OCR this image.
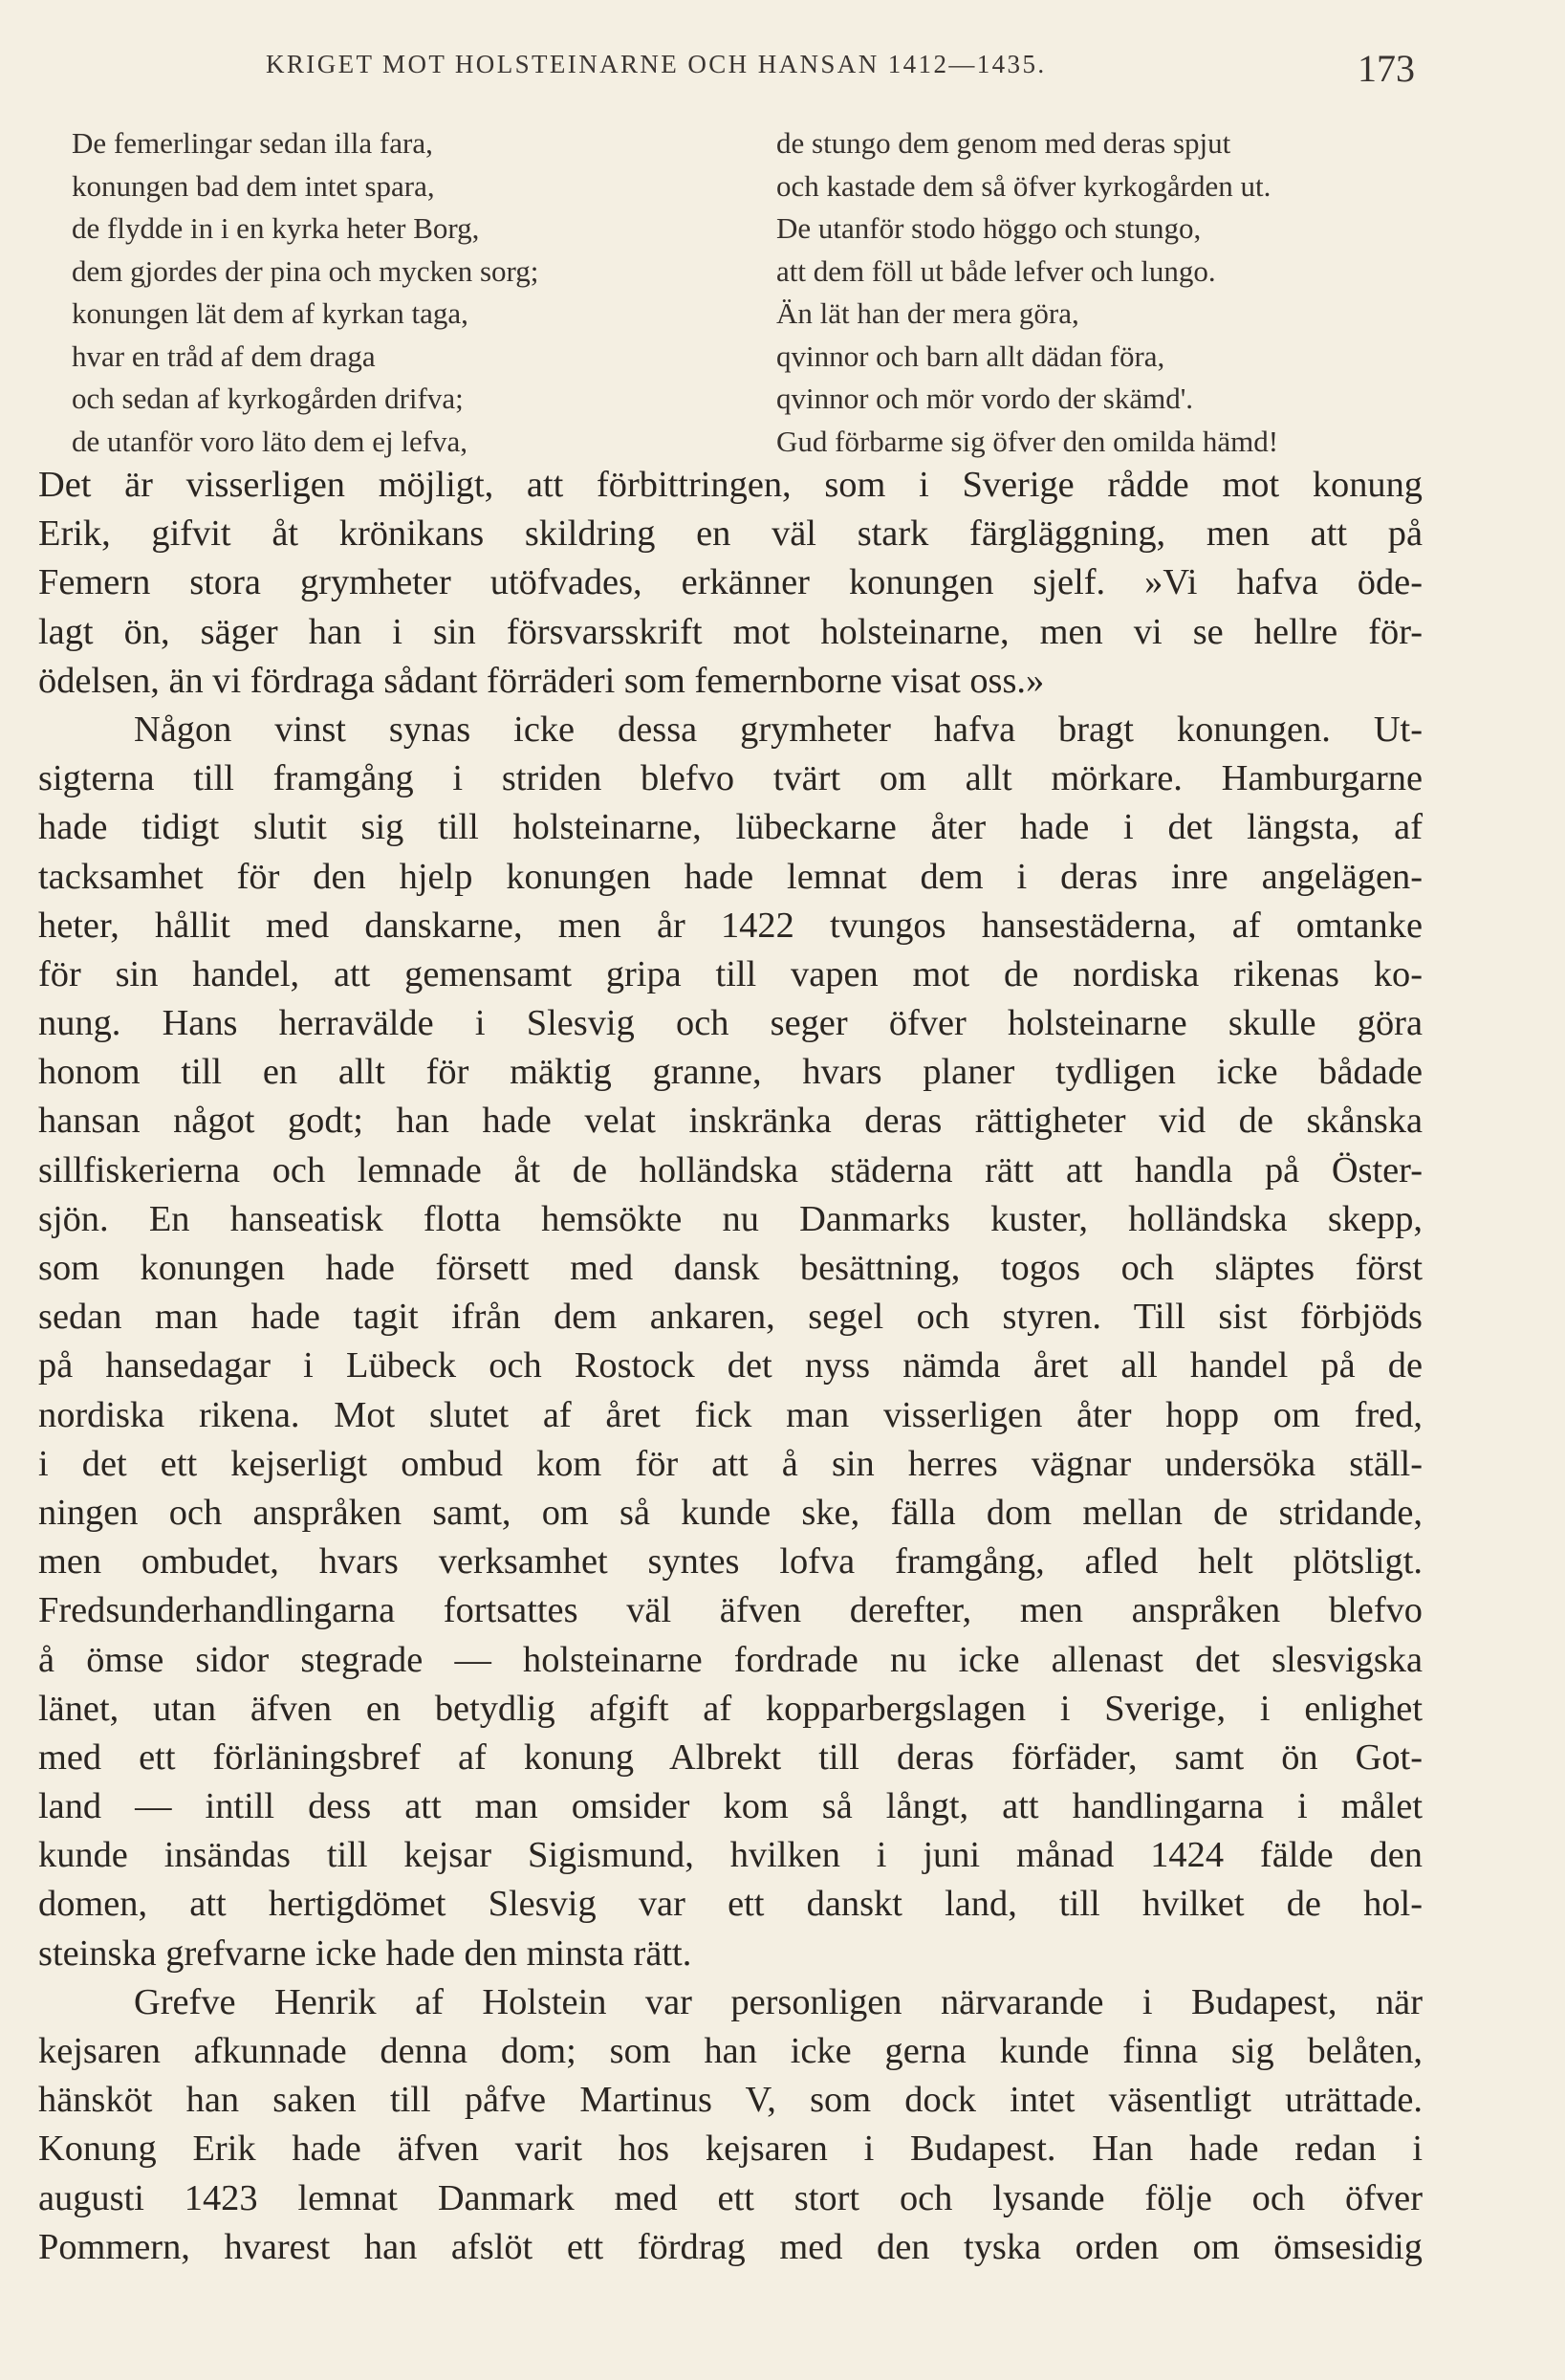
KRIGET MOT HOLSTEINARNE OCH HANSAN 1412—1435.	173
De femerlingar sedan illa fara,
konungen bad dem intet spara,
de flydde in i en kyrka heter Borg,
dem gjordes der pina och mycken sorg;
konungen lät dem af kyrkan taga,
hvar en tråd af dem draga
och sedan af kyrkogården drifva;
de utanför voro läto dem ej lefva,
de stungo dem genom med deras spjut
och kastade dem så öfver kyrkogården ut.
De utanför stodo höggo och stungo,
att dem föll ut både lefver och lungo.
Än lät han der mera göra,
qvinnor och barn allt dädan föra,
qvinnor och mör vordo der skämd'.
Gud förbarme sig öfver den omilda hämd!
Det är visserligen möjligt, att förbittringen, som i Sverige rådde mot konung
Erik, gifvit åt krönikans skildring en väl stark färgläggning, men att på
Femern stora grymheter utöfvades, erkänner konungen sjelf. »Vi hafva öde-
lagt ön, säger han i sin försvarsskrift mot holsteinarne, men vi se hellre för-
ödelsen, än vi fördraga sådant förräderi som femernborne visat oss.»
Någon vinst synas icke dessa grymheter hafva bragt konungen. Ut-
sigterna till framgång i striden blefvo tvärt om allt mörkare. Hamburgarne
hade tidigt slutit sig till holsteinarne, lübeckarne åter hade i det längsta, af
tacksamhet för den hjelp konungen hade lemnat dem i deras inre angelägen-
heter, hållit med danskarne, men år 1422 tvungos hansestäderna, af omtanke
för sin handel, att gemensamt gripa till vapen mot de nordiska rikenas ko-
nung. Hans herravälde i Slesvig och seger öfver holsteinarne skulle göra
honom till en allt för mäktig granne, hvars planer tydligen icke bådade
hansan något godt; han hade velat inskränka deras rättigheter vid de skånska
sillfiskerierna och lemnade åt de holländska städerna rätt att handla på Öster-
sjön. En hanseatisk flotta hemsökte nu Danmarks kuster, holländska skepp,
som konungen hade försett med dansk besättning, togos och släptes först
sedan man hade tagit ifrån dem ankaren, segel och styren. Till sist förbjöds
på hansedagar i Lübeck och Rostock det nyss nämda året all handel på de
nordiska rikena. Mot slutet af året fick man visserligen åter hopp om fred,
i det ett kejserligt ombud kom för att å sin herres vägnar undersöka ställ-
ningen och anspråken samt, om så kunde ske, fälla dom mellan de stridande,
men ombudet, hvars verksamhet syntes lofva framgång, afled helt plötsligt.
Fredsunderhandlingarna fortsattes väl äfven derefter, men anspråken blefvo
å ömse sidor stegrade — holsteinarne fordrade nu icke allenast det slesvigska
länet, utan äfven en betydlig afgift af kopparbergslagen i Sverige, i enlighet
med ett förläningsbref af konung Albrekt till deras förfäder, samt ön Got-
land — intill dess att man omsider kom så långt, att handlingarna i målet
kunde insändas till kejsar Sigismund, hvilken i juni månad 1424 fälde den
domen, att hertigdömet Slesvig var ett danskt land, till hvilket de hol-
steinska grefvarne icke hade den minsta rätt.
Grefve Henrik af Holstein var personligen närvarande i Budapest, när
kejsaren afkunnade denna dom; som han icke gerna kunde finna sig belåten,
hänsköt han saken till påfve Martinus V, som dock intet väsentligt uträttade.
Konung Erik hade äfven varit hos kejsaren i Budapest. Han hade redan i
augusti 1423 lemnat Danmark med ett stort och lysande följe och öfver
Pommern, hvarest han afslöt ett fördrag med den tyska orden om ömsesidig
